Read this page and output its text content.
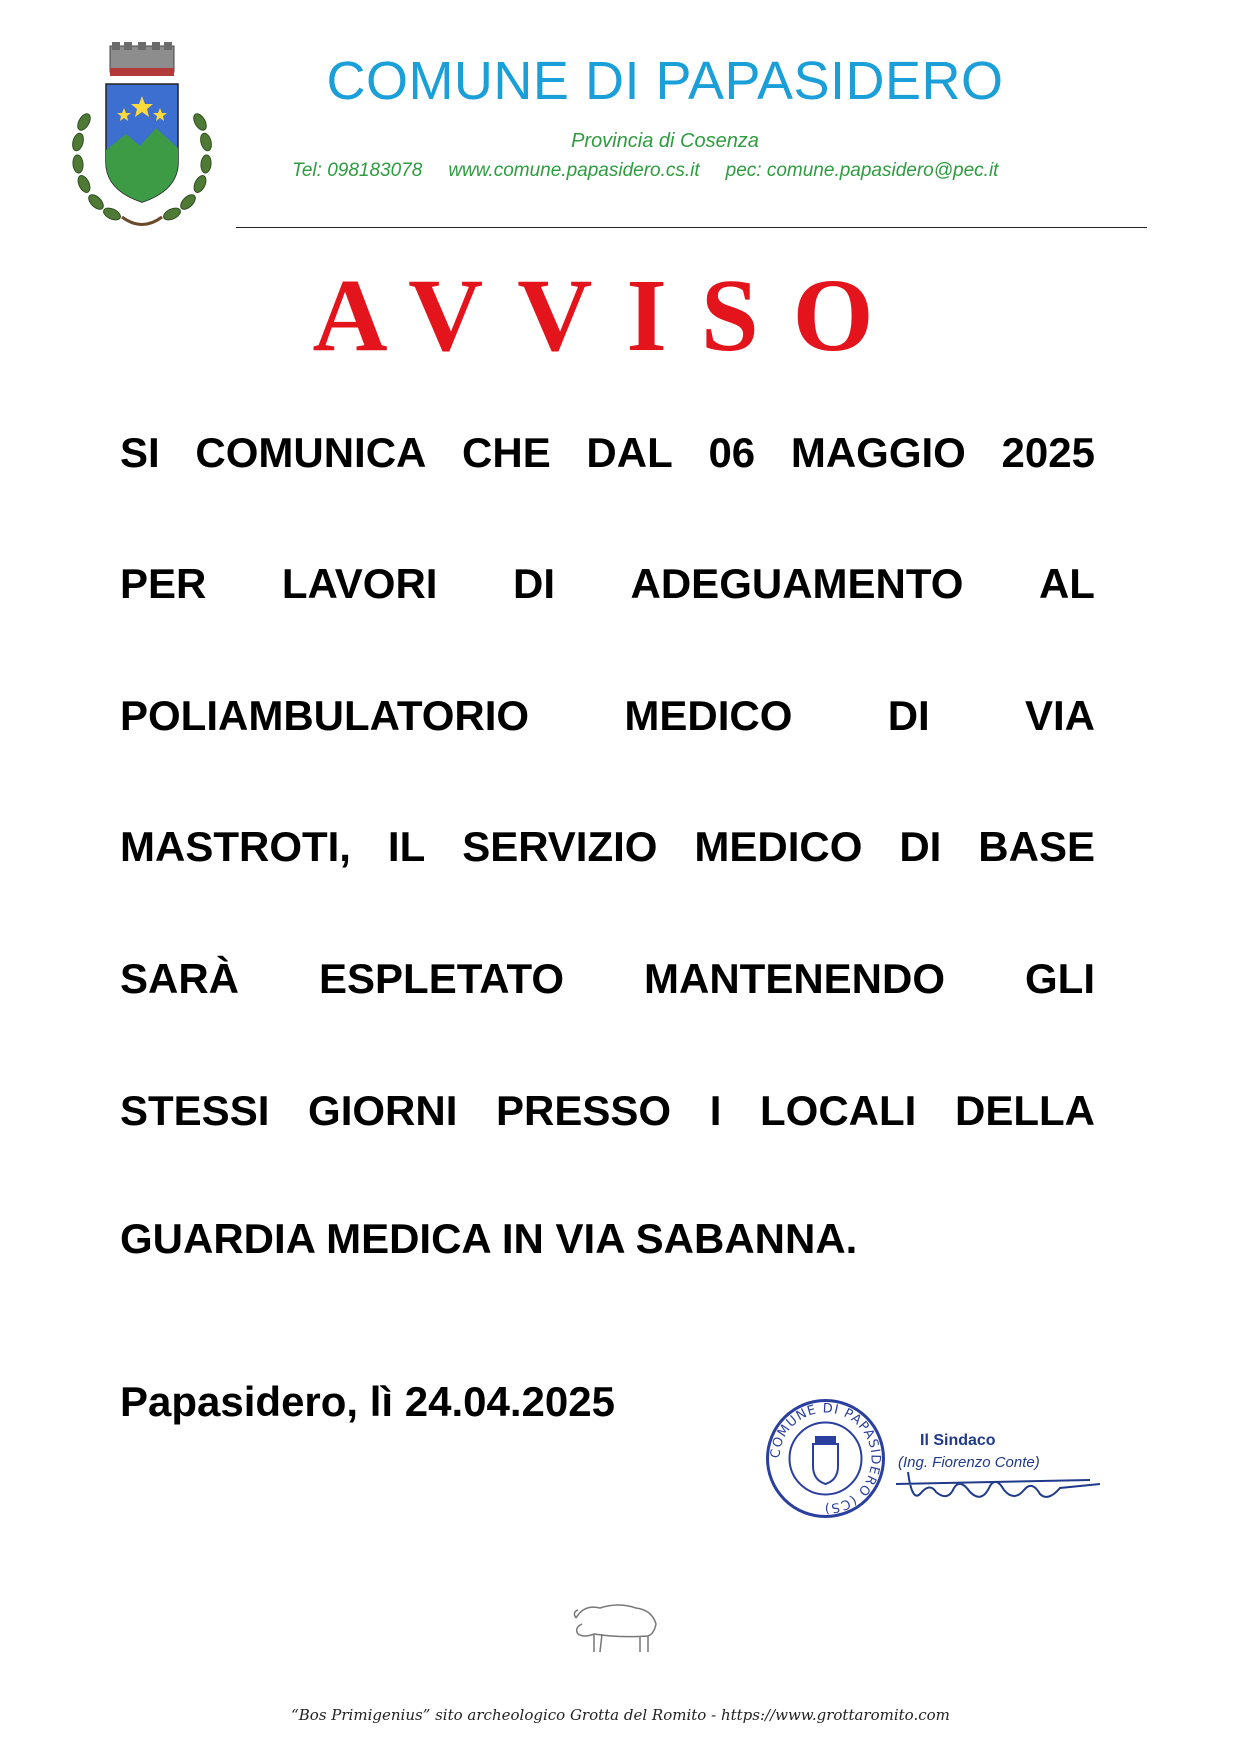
COMUNE DI PAPASIDERO
Provincia di Cosenza
Tel: 098183078 www.comune.papasidero.cs.it pec: comune.papasidero@pec.it
AVVISO
SI COMUNICA CHE DAL 06 MAGGIO 2025
PER LAVORI DI ADEGUAMENTO AL
POLIAMBULATORIO MEDICO DI VIA
MASTROTI, IL SERVIZIO MEDICO DI BASE
SARÀ ESPLETATO MANTENENDO GLI
STESSI GIORNI PRESSO I LOCALI DELLA
GUARDIA MEDICA IN VIA SABANNA.
Papasidero, lì 24.04.2025
COMUNE DI PAPASIDERO (CS)
Il Sindaco
(Ing. Fiorenzo Conte)
“Bos Primigenius” sito archeologico Grotta del Romito - https://www.grottaromito.com
